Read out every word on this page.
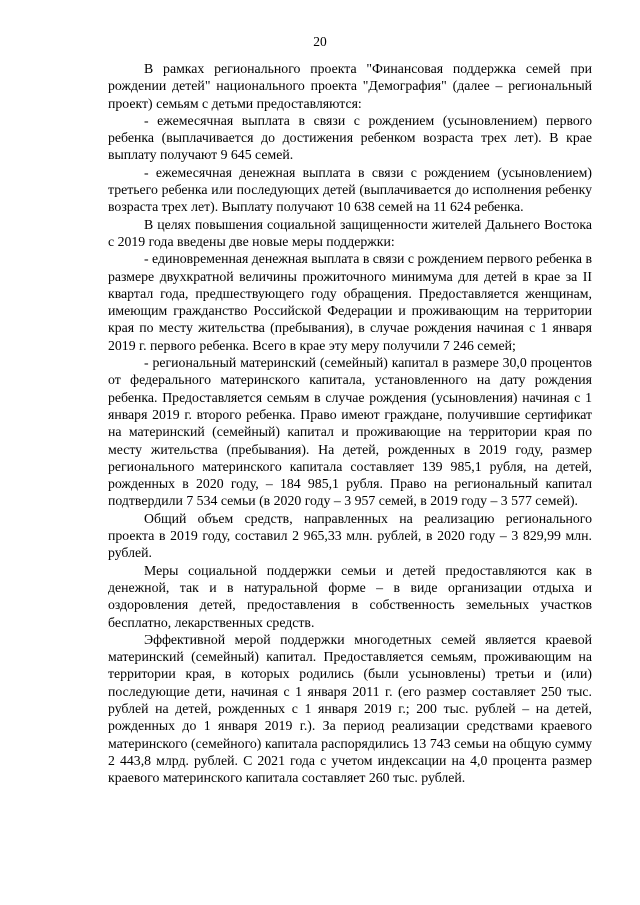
20

В рамках регионального проекта "Финансовая поддержка семей при рождении детей" национального проекта "Демография" (далее – региональный проект) семьям с детьми предоставляются:

- ежемесячная выплата в связи с рождением (усыновлением) первого ребенка (выплачивается до достижения ребенком возраста трех лет). В крае выплату получают 9 645 семей.

- ежемесячная денежная выплата в связи с рождением (усыновлением) третьего ребенка или последующих детей (выплачивается до исполнения ребенку возраста трех лет). Выплату получают 10 638 семей на 11 624 ребенка.

В целях повышения социальной защищенности жителей Дальнего Востока с 2019 года введены две новые меры поддержки:

- единовременная денежная выплата в связи с рождением первого ребенка в размере двухкратной величины прожиточного минимума для детей в крае за II квартал года, предшествующего году обращения. Предоставляется женщинам, имеющим гражданство Российской Федерации и проживающим на территории края по месту жительства (пребывания), в случае рождения начиная с 1 января 2019 г. первого ребенка. Всего в крае эту меру получили 7 246 семей;

- региональный материнский (семейный) капитал в размере 30,0 процентов от федерального материнского капитала, установленного на дату рождения ребенка. Предоставляется семьям в случае рождения (усыновления) начиная с 1 января 2019 г. второго ребенка. Право имеют граждане, получившие сертификат на материнский (семейный) капитал и проживающие на территории края по месту жительства (пребывания). На детей, рожденных в 2019 году, размер регионального материнского капитала составляет 139 985,1 рубля, на детей, рожденных в 2020 году, – 184 985,1 рубля. Право на региональный капитал подтвердили 7 534 семьи (в 2020 году – 3 957 семей, в 2019 году – 3 577 семей).

Общий объем средств, направленных на реализацию регионального проекта в 2019 году, составил 2 965,33 млн. рублей, в 2020 году – 3 829,99 млн. рублей.

Меры социальной поддержки семьи и детей предоставляются как в денежной, так и в натуральной форме – в виде организации отдыха и оздоровления детей, предоставления в собственность земельных участков бесплатно, лекарственных средств.

Эффективной мерой поддержки многодетных семей является краевой материнский (семейный) капитал. Предоставляется семьям, проживающим на территории края, в которых родились (были усыновлены) третьи и (или) последующие дети, начиная с 1 января 2011 г. (его размер составляет 250 тыс. рублей на детей, рожденных с 1 января 2019 г.; 200 тыс. рублей – на детей, рожденных до 1 января 2019 г.). За период реализации средствами краевого материнского (семейного) капитала распорядились 13 743 семьи на общую сумму 2 443,8 млрд. рублей. С 2021 года с учетом индексации на 4,0 процента размер краевого материнского капитала составляет 260 тыс. рублей.
